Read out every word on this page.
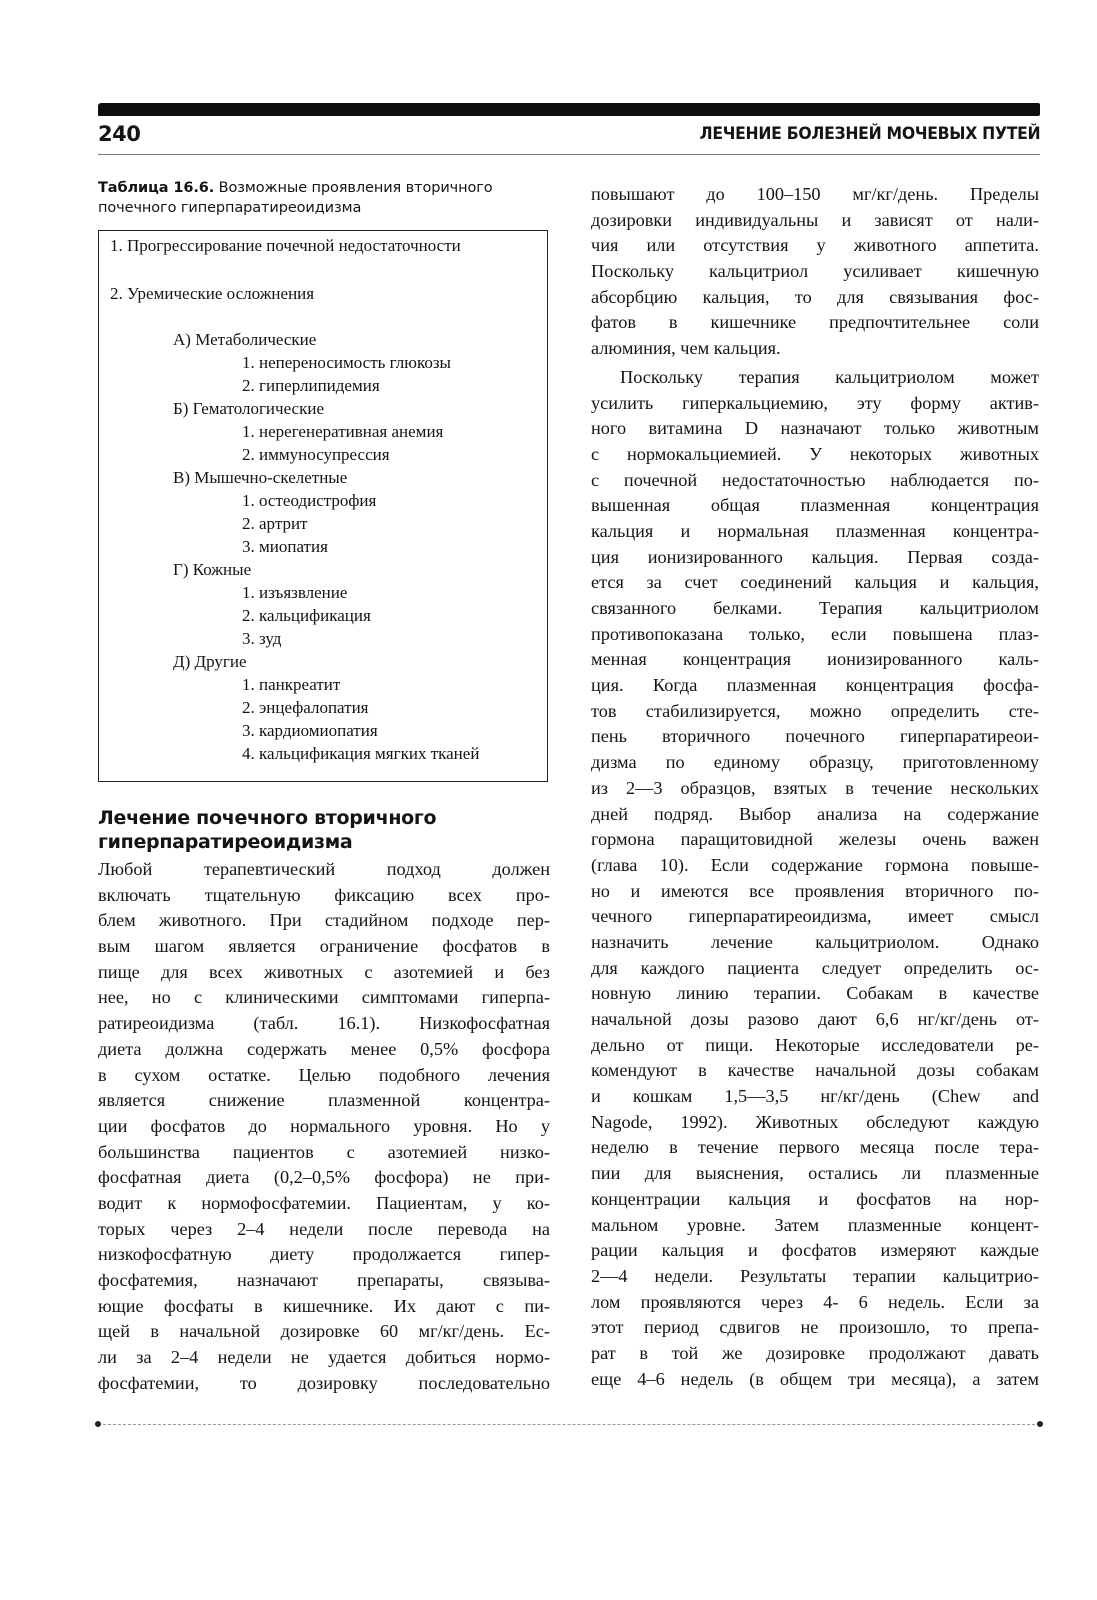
240	ЛЕЧЕНИЕ БОЛЕЗНЕЙ МОЧЕВЫХ ПУТЕЙ

Таблица 16.6. Возможные проявления вторичного
почечного гиперпаратиреоидизма

1. Прогрессирование почечной недостаточности
2. Уремические осложнения
А) Метаболические
1. непереносимость глюкозы
2. гиперлипидемия
Б) Гематологические
1. нерегенеративная анемия
2. иммуносупрессия
В) Мышечно-скелетные
1. остеодистрофия
2. артрит
3. миопатия
Г) Кожные
1. изъязвление
2. кальцификация
3. зуд
Д) Другие
1. панкреатит
2. энцефалопатия
3. кардиомиопатия
4. кальцификация мягких тканей
Лечение почечного вторичного
гиперпаратиреоидизма
Любой терапевтический подход должен
включать тщательную фиксацию всех про-
блем животного. При стадийном подходе пер-
вым шагом является ограничение фосфатов в
пище для всех животных с азотемией и без
нее, но с клиническими симптомами гиперпа-
ратиреоидизма (табл. 16.1). Низкофосфатная
диета должна содержать менее 0,5% фосфора
в сухом остатке. Целью подобного лечения
является снижение плазменной концентра-
ции фосфатов до нормального уровня. Но у
большинства пациентов с азотемией низко-
фосфатная диета (0,2–0,5% фосфора) не при-
водит к нормофосфатемии. Пациентам, у ко-
торых через 2–4 недели после перевода на
низкофосфатную диету продолжается гипер-
фосфатемия, назначают препараты, связыва-
ющие фосфаты в кишечнике. Их дают с пи-
щей в начальной дозировке 60 мг/кг/день. Ес-
ли за 2–4 недели не удается добиться нормо-
фосфатемии, то дозировку последовательно
повышают до 100–150 мг/кг/день. Пределы
дозировки индивидуальны и зависят от нали-
чия или отсутствия у животного аппетита.
Поскольку кальцитриол усиливает кишечную
абсорбцию кальция, то для связывания фос-
фатов в кишечнике предпочтительнее соли
алюминия, чем кальция.
Поскольку терапия кальцитриолом может
усилить гиперкальциемию, эту форму актив-
ного витамина D назначают только животным
с нормокальциемией. У некоторых животных
с почечной недостаточностью наблюдается по-
вышенная общая плазменная концентрация
кальция и нормальная плазменная концентра-
ция ионизированного кальция. Первая созда-
ется за счет соединений кальция и кальция,
связанного белками. Терапия кальцитриолом
противопоказана только, если повышена плаз-
менная концентрация ионизированного каль-
ция. Когда плазменная концентрация фосфа-
тов стабилизируется, можно определить сте-
пень вторичного почечного гиперпаратиреои-
дизма по единому образцу, приготовленному
из 2—3 образцов, взятых в течение нескольких
дней подряд. Выбор анализа на содержание
гормона паращитовидной железы очень важен
(глава 10). Если содержание гормона повыше-
но и имеются все проявления вторичного по-
чечного гиперпаратиреоидизма, имеет смысл
назначить лечение кальцитриолом. Однако
для каждого пациента следует определить ос-
новную линию терапии. Собакам в качестве
начальной дозы разово дают 6,6 нг/кг/день от-
дельно от пищи. Некоторые исследователи ре-
комендуют в качестве начальной дозы собакам
и кошкам 1,5—3,5 нг/кг/день (Chew and
Nagode, 1992). Животных обследуют каждую
неделю в течение первого месяца после тера-
пии для выяснения, остались ли плазменные
концентрации кальция и фосфатов на нор-
мальном уровне. Затем плазменные концент-
рации кальция и фосфатов измеряют каждые
2—4 недели. Результаты терапии кальцитрио-
лом проявляются через 4- 6 недель. Если за
этот период сдвигов не произошло, то препа-
рат в той же дозировке продолжают давать
еще 4–6 недель (в общем три месяца), а затем
